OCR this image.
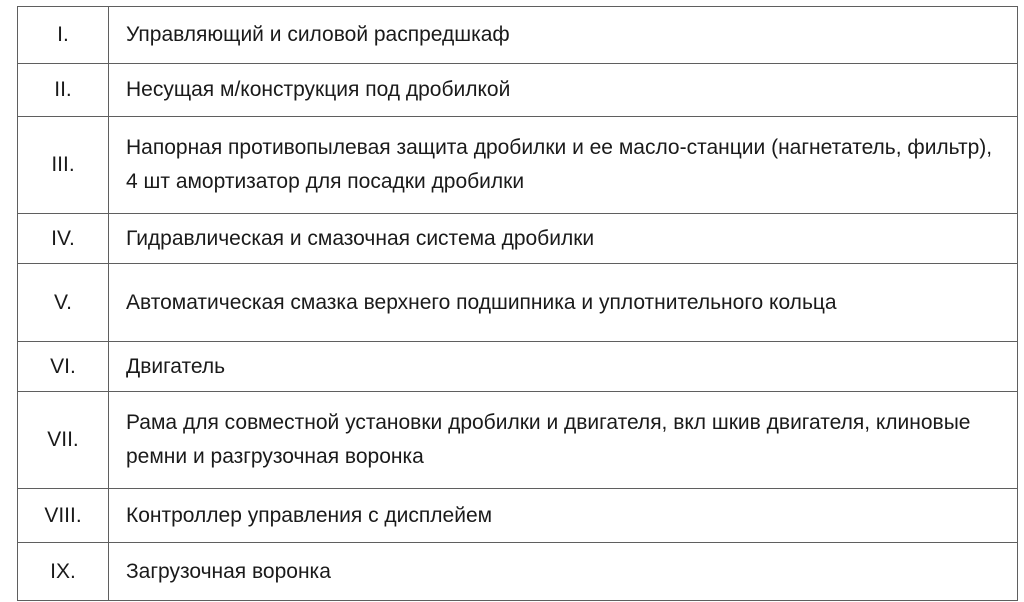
I.	Управляющий и силовой распредшкаф
II.	Несущая м/конструкция под дробилкой
III.	Напорная противопылевая защита дробилки и ее масло-станции (нагнетатель, фильтр), 4 шт амортизатор для посадки дробилки
IV.	Гидравлическая и смазочная система дробилки
V.	Автоматическая смазка верхнего подшипника и уплотнительного кольца
VI.	Двигатель
VII.	Рама для совместной установки дробилки и двигателя, вкл шкив двигателя, клиновые ремни и разгрузочная воронка
VIII.	Контроллер управления с дисплейем
IX.	Загрузочная воронка
